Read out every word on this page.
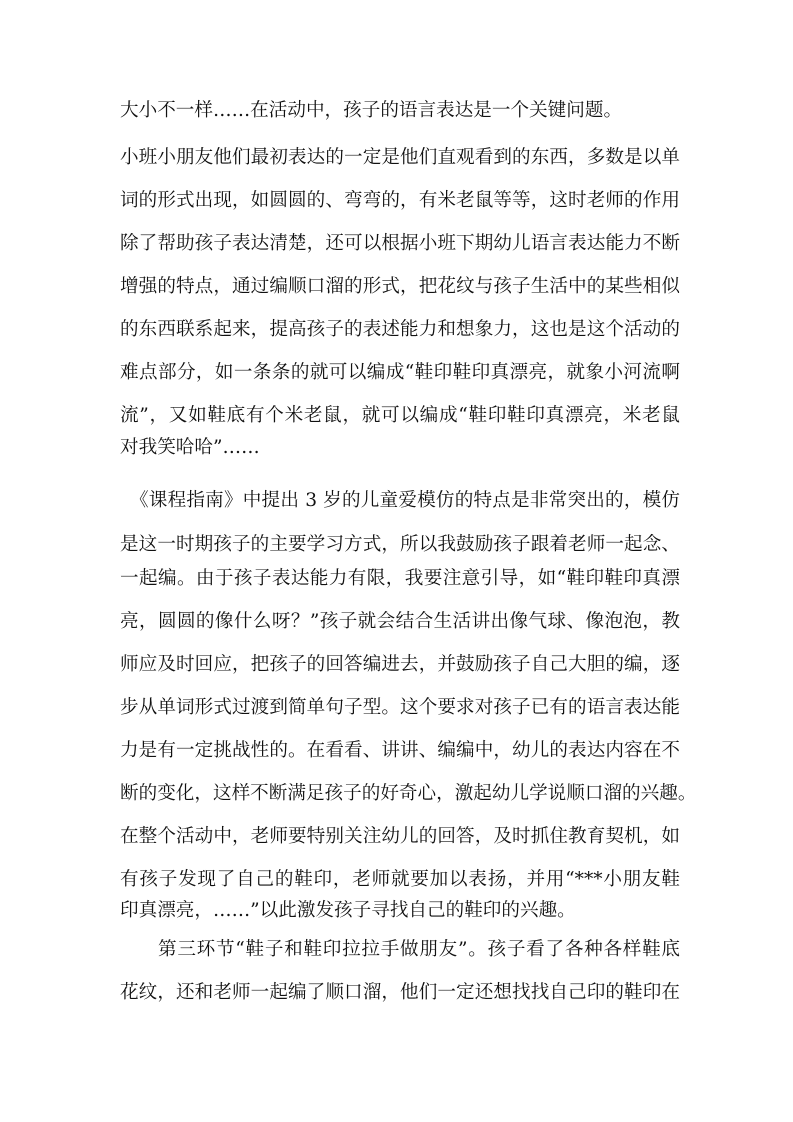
大小不一样……在活动中，孩子的语言表达是一个关键问题。
小班小朋友他们最初表达的一定是他们直观看到的东西，多数是以单
词的形式出现，如圆圆的、弯弯的，有米老鼠等等，这时老师的作用
除了帮助孩子表达清楚，还可以根据小班下期幼儿语言表达能力不断
增强的特点，通过编顺口溜的形式，把花纹与孩子生活中的某些相似
的东西联系起来，提高孩子的表述能力和想象力，这也是这个活动的
难点部分，如一条条的就可以编成“鞋印鞋印真漂亮，就象小河流啊
流”，又如鞋底有个米老鼠，就可以编成“鞋印鞋印真漂亮，米老鼠
对我笑哈哈”……
《课程指南》中提出 3 岁的儿童爱模仿的特点是非常突出的，模仿
是这一时期孩子的主要学习方式，所以我鼓励孩子跟着老师一起念、
一起编。由于孩子表达能力有限，我要注意引导，如“鞋印鞋印真漂
亮，圆圆的像什么呀？”孩子就会结合生活讲出像气球、像泡泡，教
师应及时回应，把孩子的回答编进去，并鼓励孩子自己大胆的编，逐
步从单词形式过渡到简单句子型。这个要求对孩子已有的语言表达能
力是有一定挑战性的。在看看、讲讲、编编中，幼儿的表达内容在不
断的变化，这样不断满足孩子的好奇心，激起幼儿学说顺口溜的兴趣。
在整个活动中，老师要特别关注幼儿的回答，及时抓住教育契机，如
有孩子发现了自己的鞋印，老师就要加以表扬，并用“***小朋友鞋
印真漂亮，……”以此激发孩子寻找自己的鞋印的兴趣。
第三环节“鞋子和鞋印拉拉手做朋友”。孩子看了各种各样鞋底
花纹，还和老师一起编了顺口溜，他们一定还想找找自己印的鞋印在
